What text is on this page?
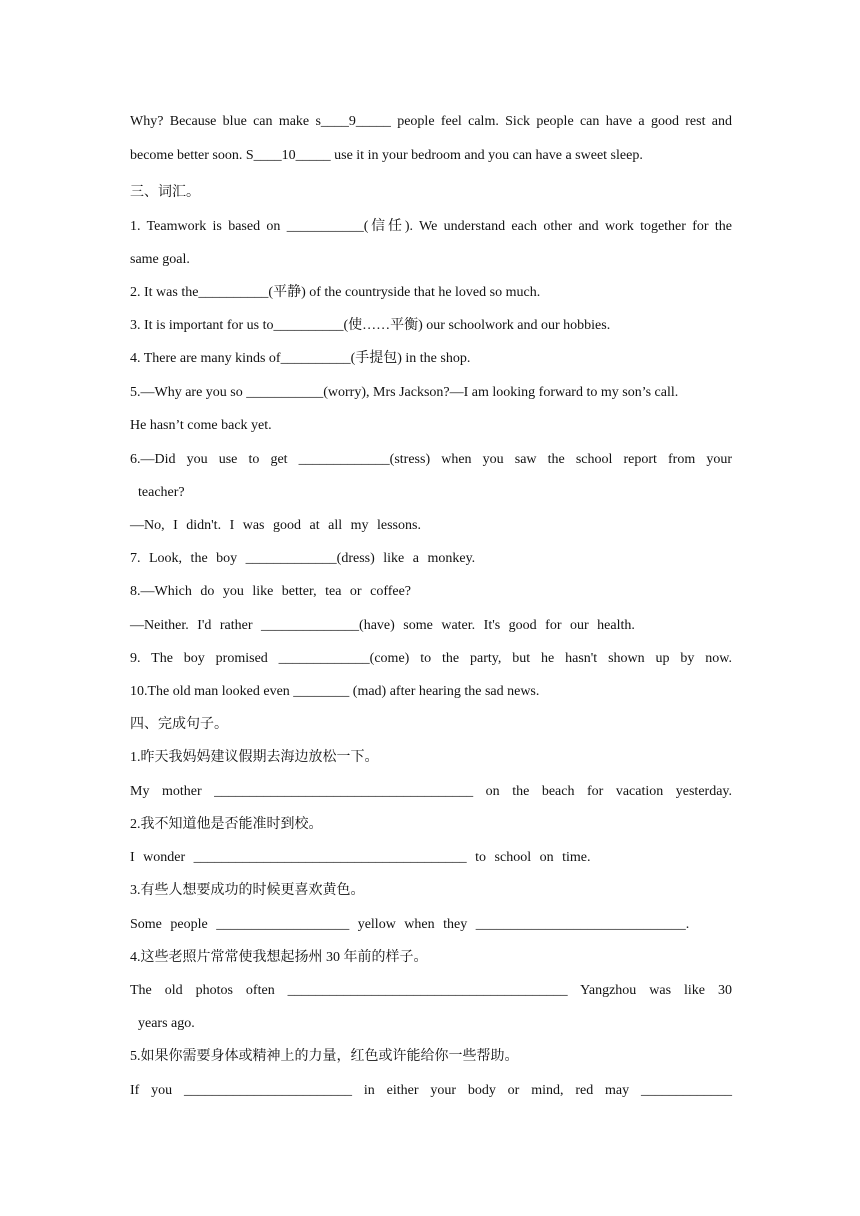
Why? Because blue can make s____9_____ people feel calm. Sick people can have a good rest and
become better soon. S____10_____ use it in your bedroom and you can have a sweet sleep.
三、词汇。
1. Teamwork is based on ___________(信任). We understand each other and work together for the
same goal.
2. It was the__________(平静) of the countryside that he loved so much.
3. It is important for us to__________(使……平衡) our schoolwork and our hobbies.
4. There are many kinds of__________(手提包) in the shop.
5.—Why are you so ___________(worry), Mrs Jackson?—I am looking forward to my son’s call.
He hasn’t come back yet.
6.—Did you use to get _____________(stress) when you saw the school report from your
teacher?
—No, I didn't. I was good at all my lessons.
7. Look, the boy _____________(dress) like a monkey.
8.—Which do you like better, tea or coffee?
—Neither. I'd rather ______________(have) some water. It's good for our health.
9. The boy promised _____________(come) to the party, but he hasn't shown up by now.
10.The old man looked even ________ (mad) after hearing the sad news.
四、完成句子。
1.昨天我妈妈建议假期去海边放松一下。
My mother _____________________________________ on the beach for vacation yesterday.
2.我不知道他是否能准时到校。
I wonder _______________________________________ to school on time.
3.有些人想要成功的时候更喜欢黄色。
Some people ___________________ yellow when they ______________________________.
4.这些老照片常常使我想起扬州 30 年前的样子。
The old photos often ________________________________________ Yangzhou was like 30
years ago.
5.如果你需要身体或精神上的力量，红色或许能给你一些帮助。
If you ________________________ in either your body or mind, red may _____________
